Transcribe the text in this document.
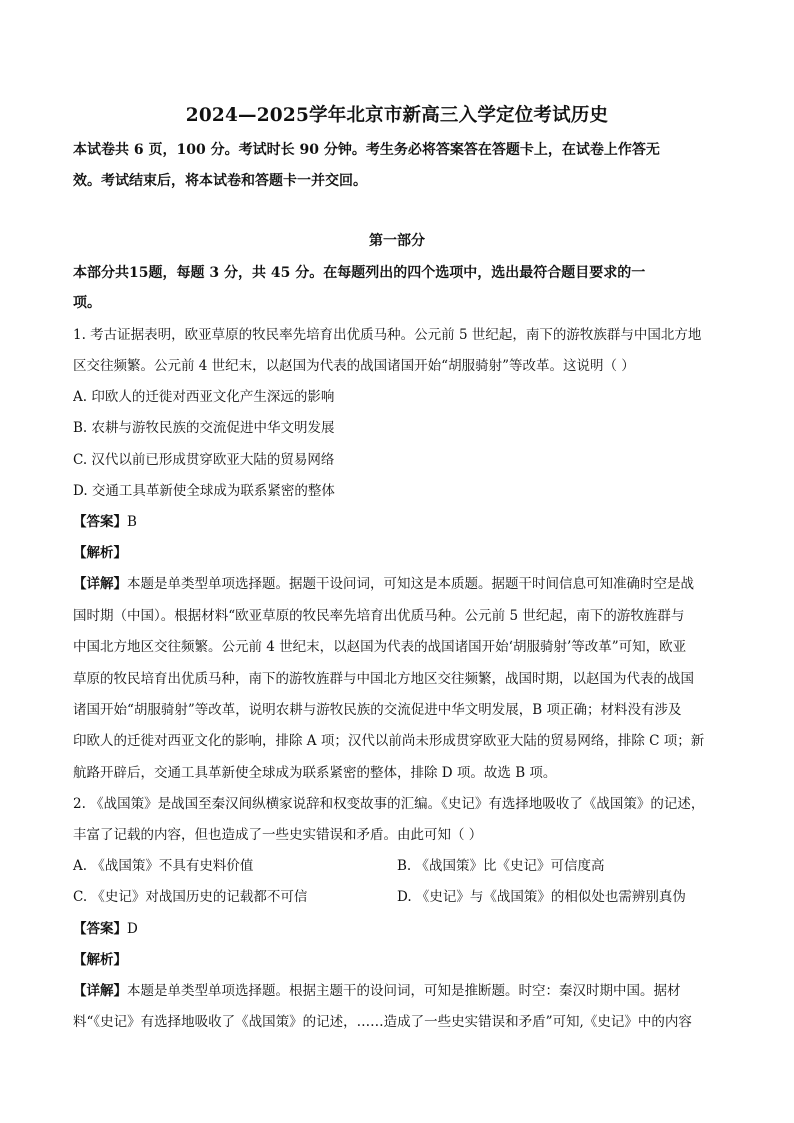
2024—2025学年北京市新高三入学定位考试历史
本试卷共 6 页，100 分。考试时长 90 分钟。考生务必将答案答在答题卡上，在试卷上作答无
效。考试结束后，将本试卷和答题卡一并交回。
第一部分
本部分共15题，每题 3 分，共 45 分。在每题列出的四个选项中，选出最符合题目要求的一
项。
1. 考古证据表明，欧亚草原的牧民率先培育出优质马种。公元前 5 世纪起，南下的游牧族群与中国北方地
区交往频繁。公元前 4 世纪末，以赵国为代表的战国诸国开始“胡服骑射”等改革。这说明（ ）
A. 印欧人的迁徙对西亚文化产生深远的影响
B. 农耕与游牧民族的交流促进中华文明发展
C. 汉代以前已形成贯穿欧亚大陆的贸易网络
D. 交通工具革新使全球成为联系紧密的整体
【答案】B
【解析】
【详解】本题是单类型单项选择题。据题干设问词，可知这是本质题。据题干时间信息可知准确时空是战
国时期（中国）。根据材料“欧亚草原的牧民率先培育出优质马种。公元前 5 世纪起，南下的游牧旌群与
中国北方地区交往频繁。公元前 4 世纪末，以赵国为代表的战国诸国开始‘胡服骑射’等改革”可知，欧亚
草原的牧民培育出优质马种，南下的游牧旌群与中国北方地区交往频繁，战国时期，以赵国为代表的战国
诸国开始“胡服骑射”等改革，说明农耕与游牧民族的交流促进中华文明发展，B 项正确；材料没有涉及
印欧人的迁徙对西亚文化的影响，排除 A 项；汉代以前尚未形成贯穿欧亚大陆的贸易网络，排除 C 项；新
航路开辟后，交通工具革新使全球成为联系紧密的整体，排除 D 项。故选 B 项。
2. 《战国策》是战国至秦汉间纵横家说辞和权变故事的汇编。《史记》有选择地吸收了《战国策》的记述，
丰富了记载的内容，但也造成了一些史实错误和矛盾。由此可知（ ）
A. 《战国策》不具有史料价值	B. 《战国策》比《史记》可信度高
C. 《史记》对战国历史的记载都不可信	D. 《史记》与《战国策》的相似处也需辨别真伪
【答案】D
【解析】
【详解】本题是单类型单项选择题。根据主题干的设问词，可知是推断题。时空：秦汉时期中国。据材
料“《史记》有选择地吸收了《战国策》的记述，……造成了一些史实错误和矛盾”可知,《史记》中的内容
